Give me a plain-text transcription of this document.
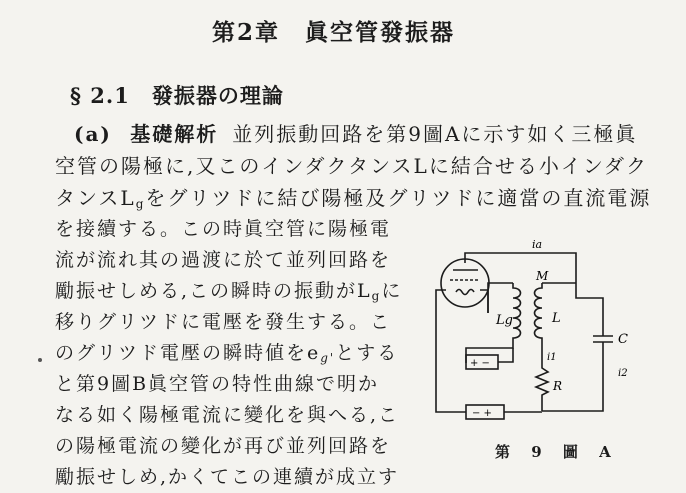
第2章　眞空管發振器
§ 2.1　發振器の理論
(a) 基礎解析 並列振動回路を第9圖Aに示す如く三極眞
空管の陽極に,又このインダクタンスLに結合せる小インダク
タンス$L_g$をグリツドに結び陽極及グリツドに適當の直流電源
を接續する。この時眞空管に陽極電
流が流れ其の過渡に於て並列回路を
勵振せしめる,この瞬時の振動が$L_g$に
移りグリツドに電壓を發生する。こ
のグリツド電壓の瞬時値を$e_{g'}$とする
と第9圖B眞空管の特性曲線で明か
なる如く陽極電流に變化を與へる,こ
の陽極電流の變化が再び並列回路を
勵振せしめ,かくてこの連續が成立す
ia
M
Lg	L
C
i1
i2
R
+ −
− +
第 9 圖 A
